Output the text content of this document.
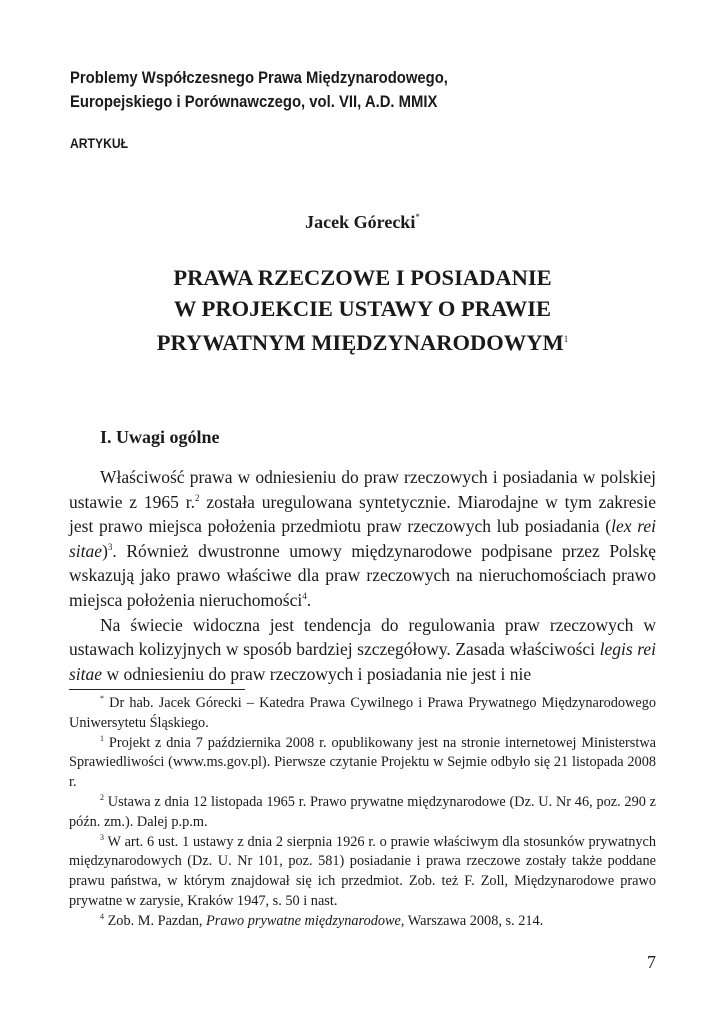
Problemy Współczesnego Prawa Międzynarodowego,
Europejskiego i Porównawczego, vol. VII, A.D. MMIX
ARTYKUŁ
Jacek Górecki*
PRAWA RZECZOWE I POSIADANIE
W PROJEKCIE USTAWY O PRAWIE
PRYWATNYM MIĘDZYNARODOWYM$^1$
I. Uwagi ogólne

Właściwość prawa w odniesieniu do praw rzeczowych i posiadania w polskiej ustawie z 1965 r.$^2$ została uregulowana syntetycznie. Miarodajne w tym zakresie jest prawo miejsca położenia przedmiotu praw rzeczowych lub posiadania (lex rei sitae)$^3$. Również dwustronne umowy międzynarodowe podpisane przez Polskę wskazują jako prawo właściwe dla praw rzeczowych na nieruchomościach prawo miejsca położenia nieruchomości$^4$.

Na świecie widoczna jest tendencja do regulowania praw rzeczowych w ustawach kolizyjnych w sposób bardziej szczegółowy. Zasada właściwości legis rei sitae w odniesieniu do praw rzeczowych i posiadania nie jest i nie

* Dr hab. Jacek Górecki – Katedra Prawa Cywilnego i Prawa Prywatnego Międzynarodowego Uniwersytetu Śląskiego.

$^1$ Projekt z dnia 7 października 2008 r. opublikowany jest na stronie internetowej Ministerstwa Sprawiedliwości (www.ms.gov.pl). Pierwsze czytanie Projektu w Sejmie odbyło się 21 listopada 2008 r.

$^2$ Ustawa z dnia 12 listopada 1965 r. Prawo prywatne międzynarodowe (Dz. U. Nr 46, poz. 290 z późn. zm.). Dalej p.p.m.

$^3$ W art. 6 ust. 1 ustawy z dnia 2 sierpnia 1926 r. o prawie właściwym dla stosunków prywatnych międzynarodowych (Dz. U. Nr 101, poz. 581) posiadanie i prawa rzeczowe zostały także poddane prawu państwa, w którym znajdował się ich przedmiot. Zob. też F. Zoll, Międzynarodowe prawo prywatne w zarysie, Kraków 1947, s. 50 i nast.

$^4$ Zob. M. Pazdan, Prawo prywatne międzynarodowe, Warszawa 2008, s. 214.

7
